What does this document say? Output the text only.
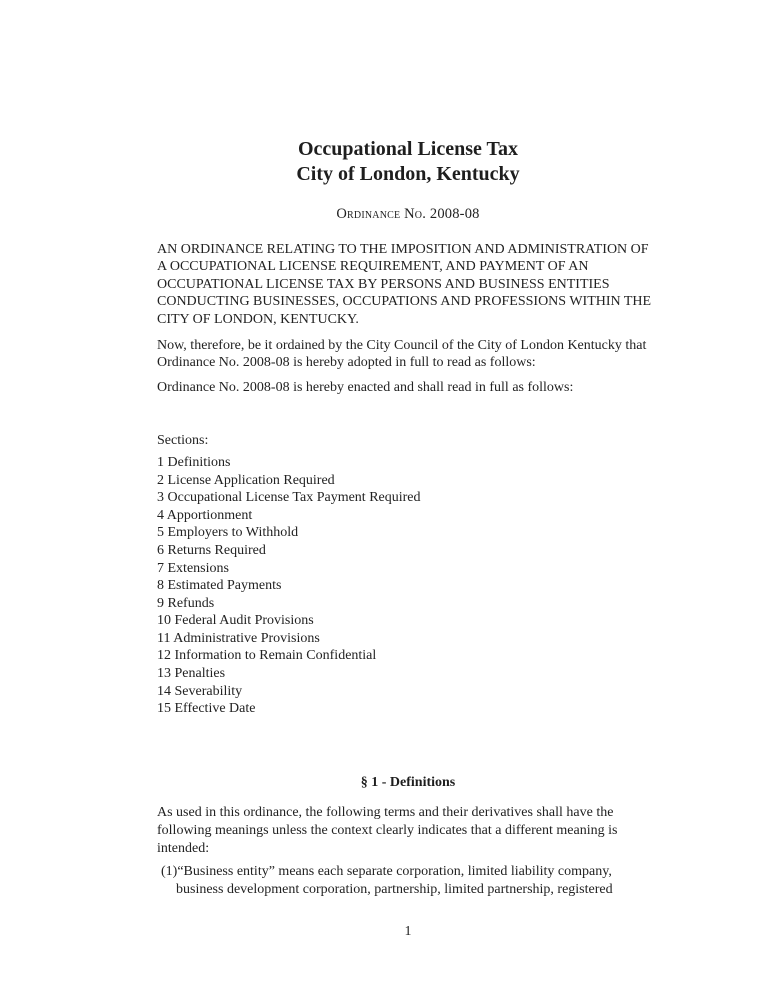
Occupational License Tax
City of London, Kentucky
Ordinance No. 2008-08

AN ORDINANCE RELATING TO THE IMPOSITION AND ADMINISTRATION OF A OCCUPATIONAL LICENSE REQUIREMENT, AND PAYMENT OF AN OCCUPATIONAL LICENSE TAX BY PERSONS AND BUSINESS ENTITIES CONDUCTING BUSINESSES, OCCUPATIONS AND PROFESSIONS WITHIN THE CITY OF LONDON, KENTUCKY.

Now, therefore, be it ordained by the City Council of the City of London Kentucky that Ordinance No. 2008-08 is hereby adopted in full to read as follows:

Ordinance No. 2008-08 is hereby enacted and shall read in full as follows:

Sections:

1 Definitions
2 License Application Required
3 Occupational License Tax Payment Required
4 Apportionment
5 Employers to Withhold
6 Returns Required
7 Extensions
8 Estimated Payments
9 Refunds
10 Federal Audit Provisions
11 Administrative Provisions
12 Information to Remain Confidential
13 Penalties
14 Severability
15 Effective Date
§ 1 - Definitions

As used in this ordinance, the following terms and their derivatives shall have the following meanings unless the context clearly indicates that a different meaning is intended:

(1)“Business entity” means each separate corporation, limited liability company, business development corporation, partnership, limited partnership, registered

1
